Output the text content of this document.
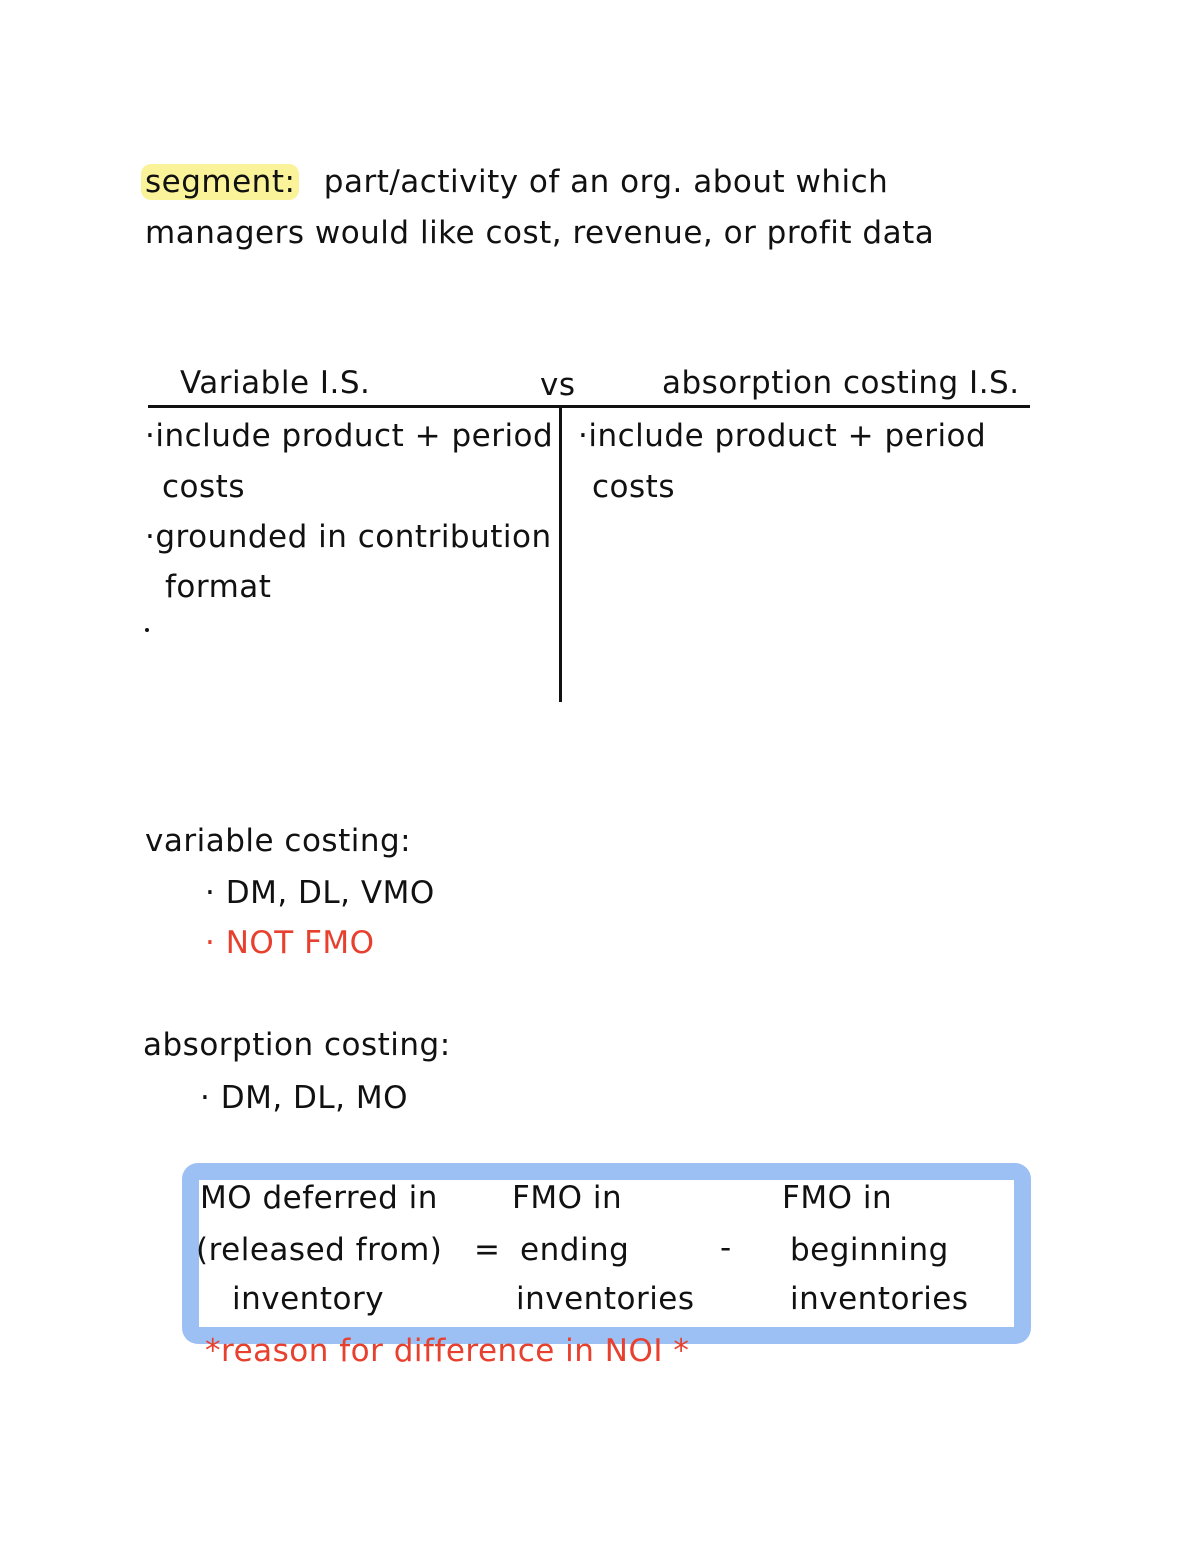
segment: part/activity of an org. about which
managers would like cost, revenue, or profit data
Variable I.S.	vs	absorption costing I.S.
·include product + period
costs
·grounded in contribution
format
·include product + period
costs
variable costing:
· DM, DL, VMO
· NOT FMO
absorption costing:
· DM, DL, MO
MO deferred in
(released from)
inventory
=
FMO in
ending
inventories
-
FMO in
beginning
inventories
*reason for difference in NOI *
